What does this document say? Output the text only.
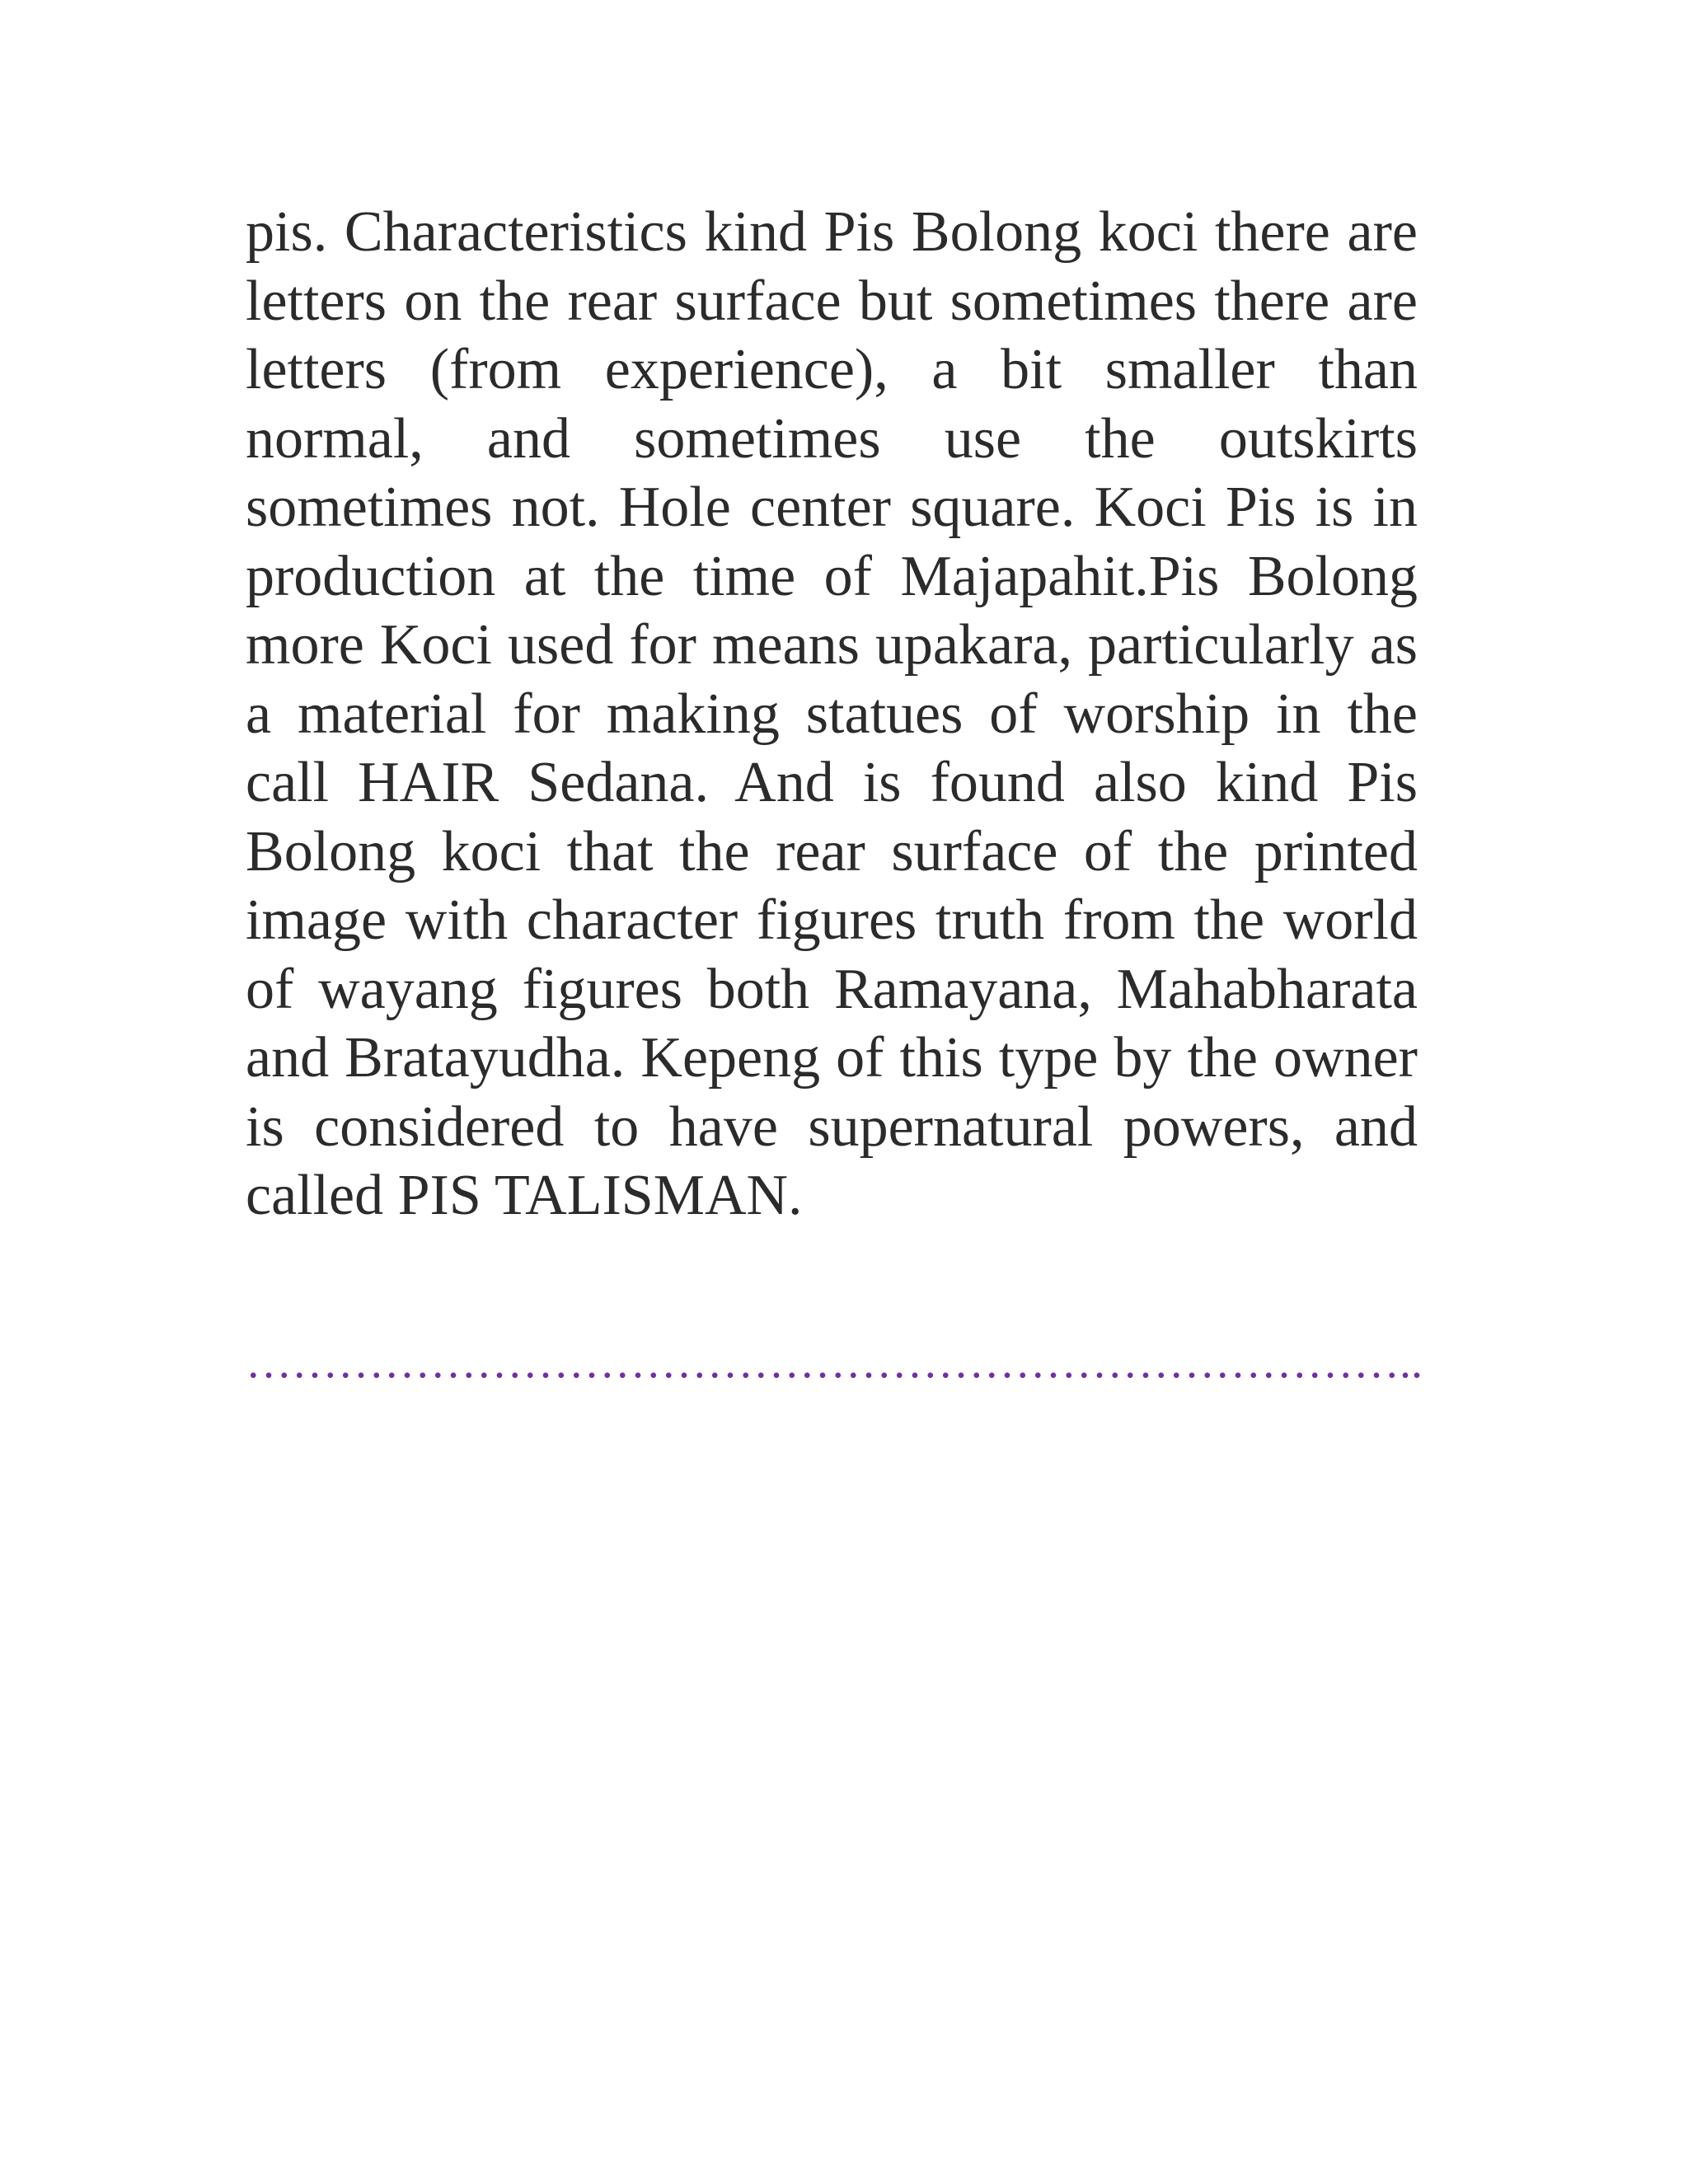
pis. Characteristics kind Pis Bolong koci there are letters on the rear surface but sometimes there are letters (from experience), a bit smaller than normal, and sometimes use the outskirts sometimes not. Hole center square. Koci Pis is in production at the time of Majapahit.Pis Bolong more Koci used for means upakara, particularly as a material for making statues of worship in the call HAIR Sedana. And is found also kind Pis Bolong koci that the rear surface of the printed image with character figures truth from the world of wayang figures both Ramayana, Mahabharata and Bratayudha. Kepeng of this type by the owner is considered to have supernatural powers, and called PIS TALISMAN.

…………………………………………………………………..
